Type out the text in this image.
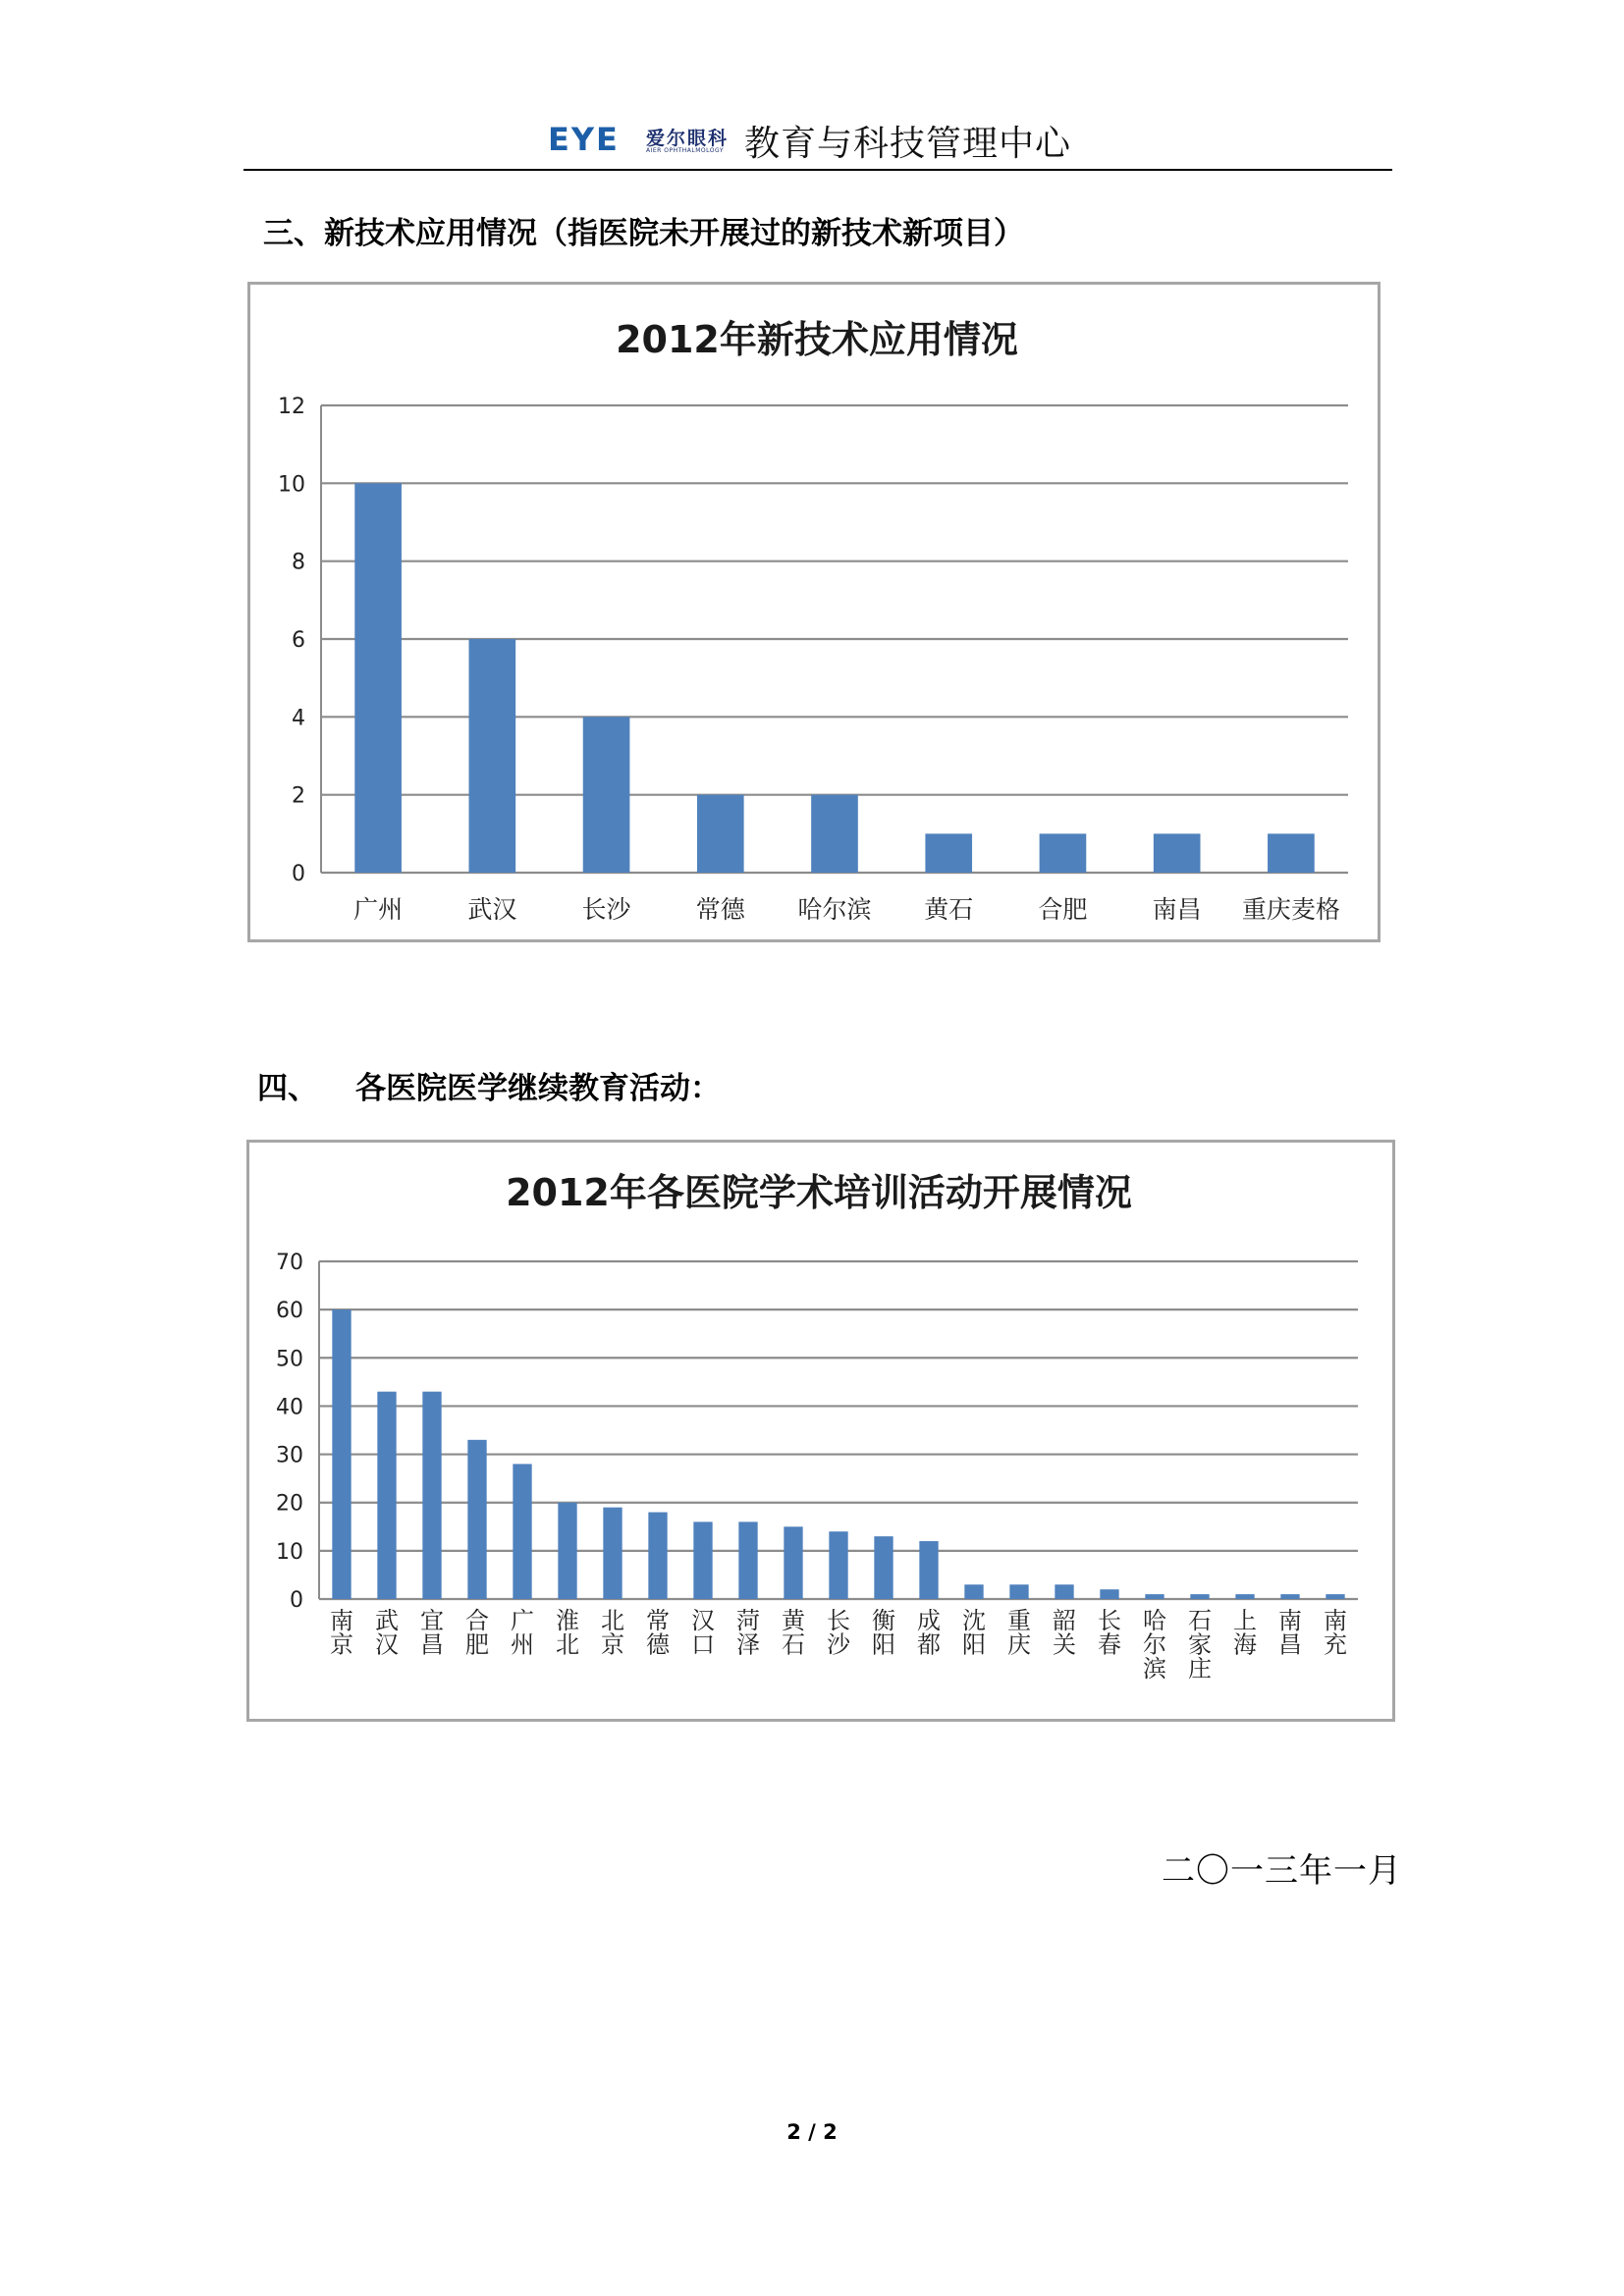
EYE 爱尔眼科
AIER OPHTHALMOLOGY 教育与科技管理中心
三、新技术应用情况（指医院未开展过的新技术新项目）
2012年新技术应用情况
0
2
4
6
8
10
12
广州	武汉	长沙	常德 哈尔滨 黄石	合肥	南昌 重庆麦格
四、 各医院医学继续教育活动：
2012年各医院学术培训活动开展情况
0
10
20
30
40
50
60
70
南京
武汉
宜昌
合肥
广州
淮北
北京
常德
汉口
菏泽
黄石
长沙
衡阳
成都
沈阳
重庆
韶关
长春
哈尔滨
石家庄
上海
南昌
南充
二〇一三年一月
2 / 2
